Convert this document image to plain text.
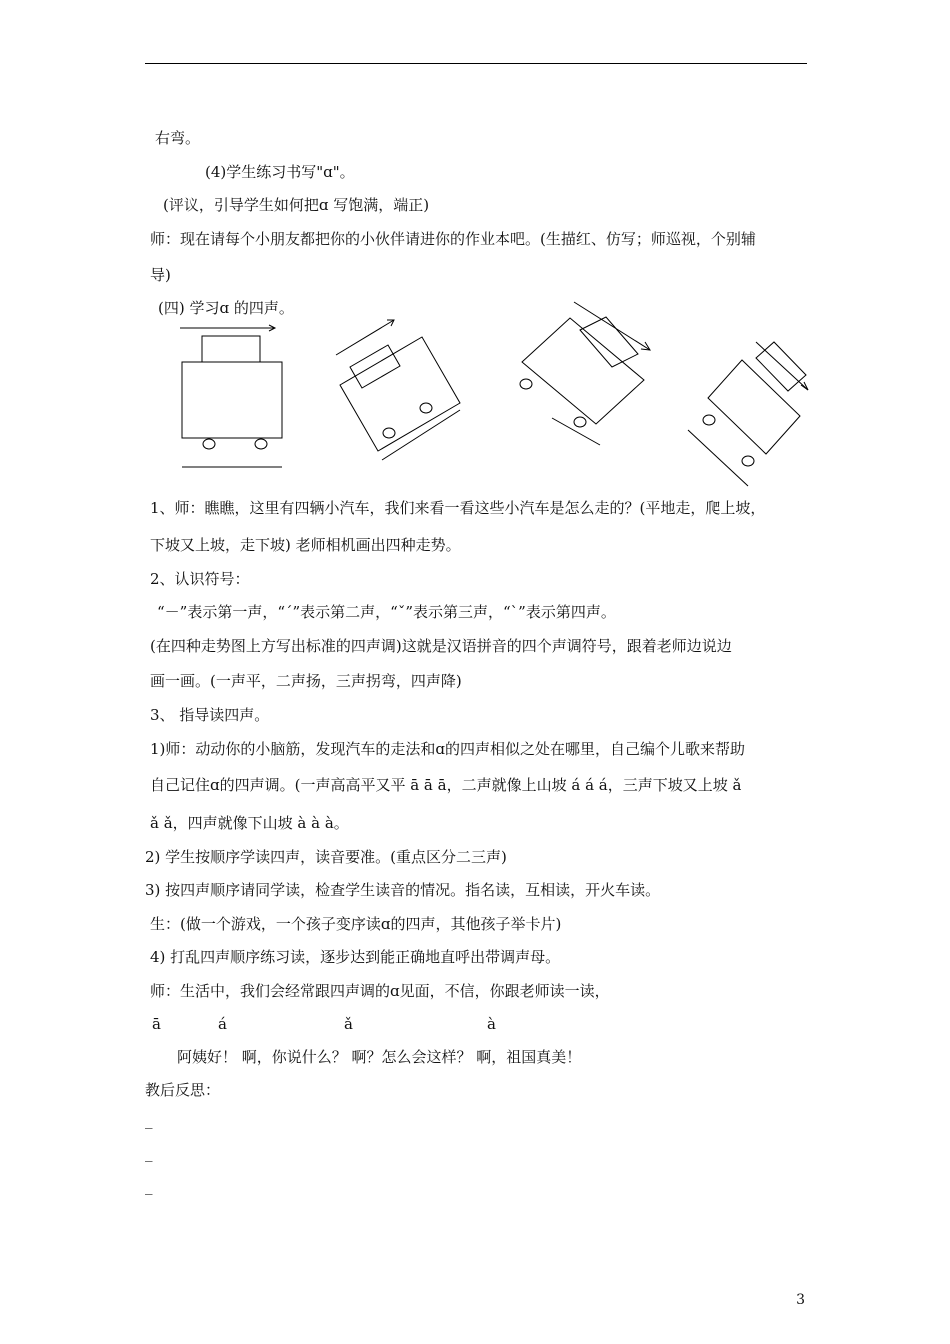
右弯。
(4)学生练习书写"ɑ"。
(评议，引导学生如何把ɑ 写饱满，端正)
师：现在请每个小朋友都把你的小伙伴请进你的作业本吧。(生描红、仿写；师巡视，个别辅
导)
(四) 学习ɑ 的四声。
1、师：瞧瞧，这里有四辆小汽车，我们来看一看这些小汽车是怎么走的？(平地走，爬上坡，
下坡又上坡，走下坡) 老师相机画出四种走势。
2、认识符号：
“－”表示第一声，“ˊ”表示第二声，“ˇ”表示第三声，“ˋ”表示第四声。
(在四种走势图上方写出标准的四声调)这就是汉语拼音的四个声调符号，跟着老师边说边
画一画。(一声平，二声扬，三声拐弯，四声降)
3、 指导读四声。
1)师：动动你的小脑筋，发现汽车的走法和ɑ的四声相似之处在哪里，自己编个儿歌来帮助
自己记住ɑ的四声调。(一声高高平又平 ā ā ā，二声就像上山坡 á á á，三声下坡又上坡 ǎ
ǎ ǎ，四声就像下山坡 à à à。
2) 学生按顺序学读四声，读音要准。(重点区分二三声)
3) 按四声顺序请同学读，检查学生读音的情况。指名读，互相读，开火车读。
生：(做一个游戏，一个孩子变序读ɑ的四声，其他孩子举卡片)
4) 打乱四声顺序练习读，逐步达到能正确地直呼出带调声母。
师：生活中，我们会经常跟四声调的ɑ见面，不信，你跟老师读一读，
ā	á	ǎ	à
阿姨好！ 啊，你说什么？ 啊？怎么会这样？ 啊，祖国真美！
教后反思：
_
_
_
3
